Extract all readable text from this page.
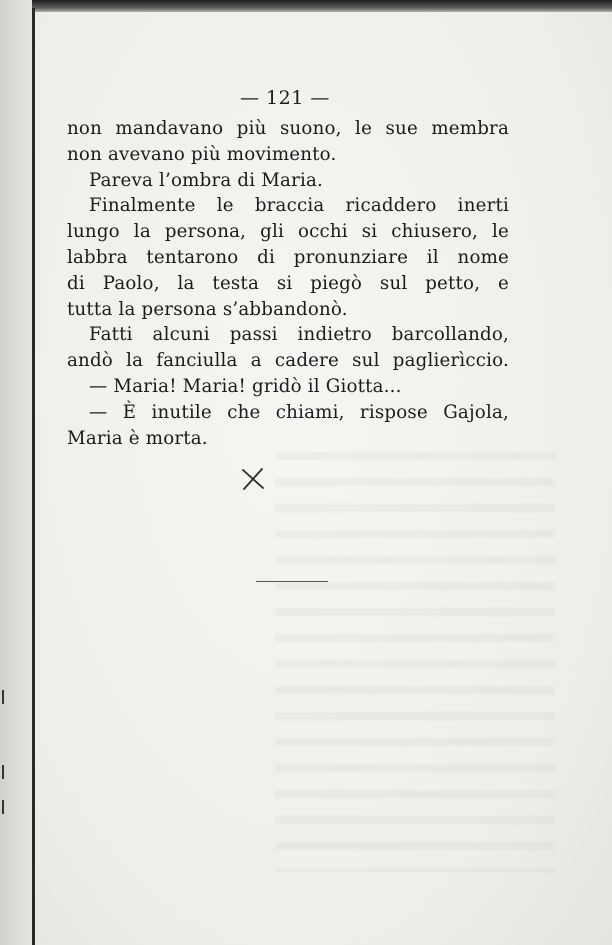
— 121 —
non mandavano più suono, le sue membra
non avevano più movimento.
Pareva l’ombra di Maria.
Finalmente le braccia ricaddero inerti
lungo la persona, gli occhi si chiusero, le
labbra tentarono di pronunziare il nome
di Paolo, la testa si piegò sul petto, e
tutta la persona s’abbandonò.
Fatti alcuni passi indietro barcollando,
andò la fanciulla a cadere sul paglierìccio.
— Maria! Maria! gridò il Giotta...
— È inutile che chiami, rispose Gajola,
Maria è morta.
